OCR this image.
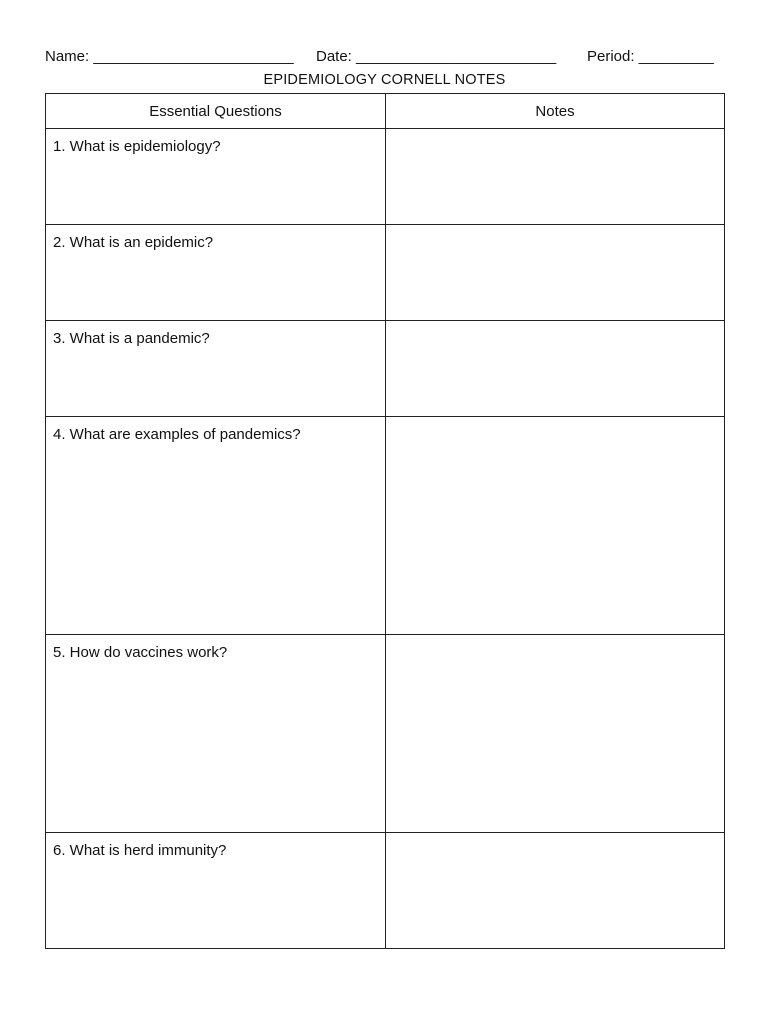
Name: ________________________ Date: ________________________ Period: _________
EPIDEMIOLOGY CORNELL NOTES
Essential Questions	Notes
1. What is epidemiology?	
2. What is an epidemic?	
3. What is a pandemic?	
4. What are examples of pandemics?	
5. How do vaccines work?	
6. What is herd immunity?	
